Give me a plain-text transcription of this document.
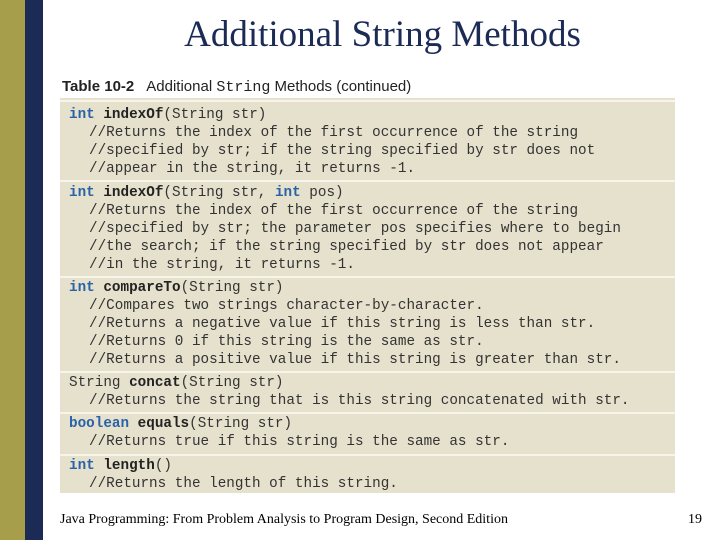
Additional String Methods
Table 10-2 Additional String Methods (continued)
int indexOf(String str)
//Returns the index of the first occurrence of the string
//specified by str; if the string specified by str does not
//appear in the string, it returns -1.
int indexOf(String str, int pos)
//Returns the index of the first occurrence of the string
//specified by str; the parameter pos specifies where to begin
//the search; if the string specified by str does not appear
//in the string, it returns -1.
int compareTo(String str)
//Compares two strings character-by-character.
//Returns a negative value if this string is less than str.
//Returns 0 if this string is the same as str.
//Returns a positive value if this string is greater than str.
String concat(String str)
//Returns the string that is this string concatenated with str.
boolean equals(String str)
//Returns true if this string is the same as str.
int length()
//Returns the length of this string.
Java Programming: From Problem Analysis to Program Design, Second Edition	19
